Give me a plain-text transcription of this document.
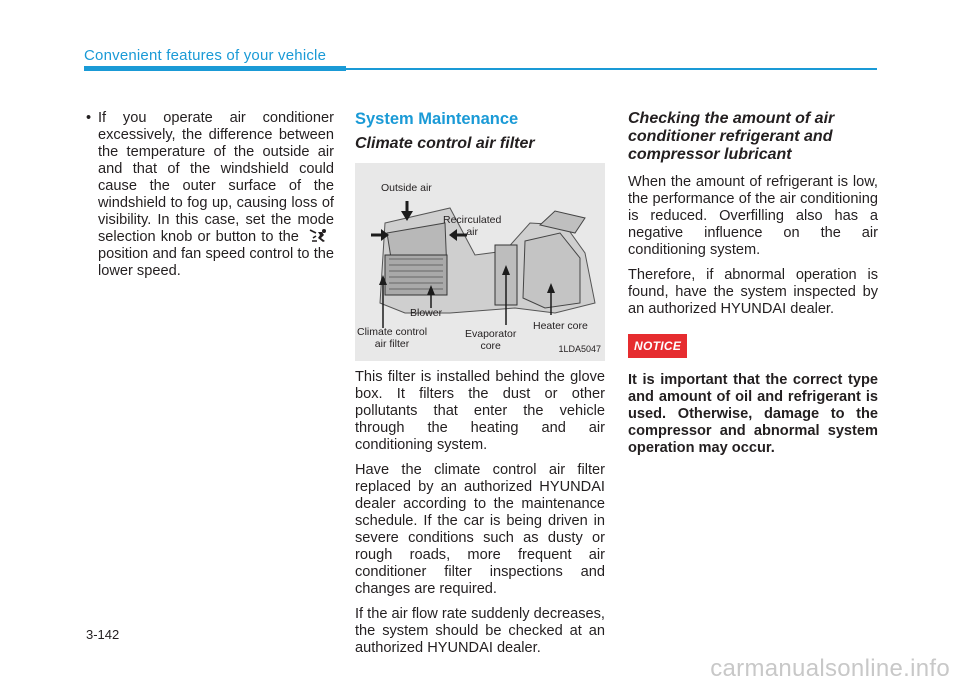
Convenient features of your vehicle
• If you operate air conditioner excessively, the difference between the temperature of the outside air and that of the windshield could cause the outer surface of the windshield to fog up, causing loss of visibility. In this case, set the mode selection knob or button to the  position and fan speed control to the lower speed.
System Maintenance
Climate control air filter
Outside air
Recirculated
air
Blower
Climate control
air filter
Evaporator
core
Heater core
1LDA5047

This filter is installed behind the glove box. It filters the dust or other pollutants that enter the vehicle through the heating and air conditioning system.

Have the climate control air filter replaced by an authorized HYUNDAI dealer according to the maintenance schedule. If the car is being driven in severe conditions such as dusty or rough roads, more frequent air conditioner filter inspections and changes are required.

If the air flow rate suddenly decreases, the system should be checked at an authorized HYUNDAI dealer.

Checking the amount of air conditioner refrigerant and compressor lubricant

When the amount of refrigerant is low, the performance of the air conditioning is reduced. Overfilling also has a negative influence on the air conditioning system.

Therefore, if abnormal operation is found, have the system inspected by an authorized HYUNDAI dealer.

NOTICE

It is important that the correct type and amount of oil and refrigerant is used. Otherwise, damage to the compressor and abnormal system operation may occur.

3-142
carmanualsonline.info
